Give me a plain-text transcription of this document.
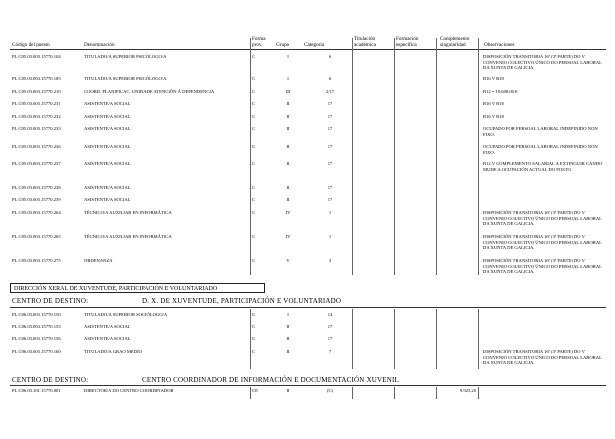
Código del puesto	Denominación
Forma prov.	Grupo	Categoría
Titulación académica
Formación específica
Complemento singularidad	Observaciones
PL.C05.03.003.15770.104	TITULADO/A SUPERIOR PSICÓLOGO/A	C	I	6	DISPOSICIÓN TRANSITORIA 16ª (3ª PARTE) DO V CONVENIO COLECTIVO ÚNICO DO PERSOAL LABORAL DA XUNTA DE GALICIA.
PL.C05.03.003.15770.185	TITULADO/A SUPERIOR PSICÓLOGO/A	C	I	6	B16 V B18
PL.C05.03.003.15770.210	COORD. PLANIFICAC. UNIDADE ATENCIÓN Á DEPENDENCIA	C	III	2/17	B12 = 10.608,00 €
PL.C05.03.003.15770.231	ASISTENTE/A SOCIAL	C	II	17	B16 V B18
PL.C05.03.003.15770.232	ASISTENTE/A SOCIAL	C	II	17	B16 V B18
PL.C05.03.003.15770.233	ASISTENTE/A SOCIAL	C	II	17	OCUPADO POR PERSOAL LABORAL INDEFINIDO NON FIXO.
PL.C05.03.003.15770.236	ASISTENTE/A SOCIAL	C	II	17	OCUPADO POR PERSOAL LABORAL INDEFINIDO NON FIXO.
PL.C05.03.003.15770.237	ASISTENTE/A SOCIAL	C	II	17	B12 V COMPLEMENTO SALARIAL A EXTINGUIR CANDO MUDE A OCUPACIÓN ACTUAL DO POSTO.
PL.C05.03.003.15770.238	ASISTENTE/A SOCIAL	C	II	17
PL.C05.03.003.15770.239	ASISTENTE/A SOCIAL	C	II	17
PL.C05.03.003.15770.264	TÉCNICO/A AUXILIAR EN INFORMÁTICA	C	IV	1	DISPOSICIÓN TRANSITORIA 16ª (3ª PARTE) DO V CONVENIO COLECTIVO ÚNICO DO PERSOAL LABORAL DA XUNTA DE GALICIA.
PL.C05.03.003.15770.265	TÉCNICO/A AUXILIAR EN INFORMÁTICA	C	IV	1	DISPOSICIÓN TRANSITORIA 16ª (3ª PARTE) DO V CONVENIO COLECTIVO ÚNICO DO PERSOAL LABORAL DA XUNTA DE GALICIA.
PL.C05.03.003.15770.275	ORDENANZA	C	V	3	DISPOSICIÓN TRANSITORIA 16ª (3ª PARTE) DO V CONVENIO COLECTIVO ÚNICO DO PERSOAL LABORAL DA XUNTA DE GALICIA.
DIRECCIÓN XERAL DE XUVENTUDE, PARTICIPACIÓN E VOLUNTARIADO
CENTRO DE DESTINO:	D. X. DE XUVENTUDE, PARTICIPACIÓN E VOLUNTARIADO
PL.C06.03.003.15770.150	TITULADO/A SUPERIOR SOCIÓLOGO/A	C	I	14
PL.C06.03.003.15770.155	ASISTENTE/A SOCIAL	C	II	17
PL.C06.03.003.15770.156	ASISTENTE/A SOCIAL	C	II	17
PL.C06.03.003.15770.160	TITULADO/A GRAO MEDIO	C	II	7	DISPOSICIÓN TRANSITORIA 16ª (3ª PARTE) DO V CONVENIO COLECTIVO ÚNICO DO PERSOAL LABORAL DA XUNTA DE GALICIA.
CENTRO DE DESTINO:	CENTRO COORDINADOR DE INFORMACIÓN E DOCUMENTACIÓN XUVENIL
PL.C06.03.101.15770.001	DIRECTOR/A DO CENTRO COORDINADOR	CE	II	(C)	9.925,20
